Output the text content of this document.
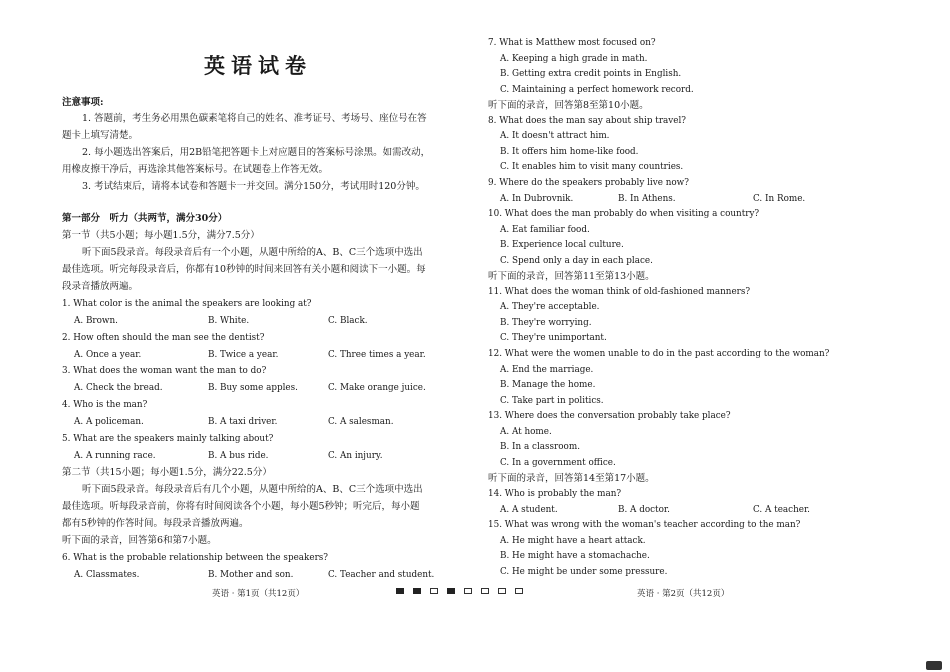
英语试卷
注意事项:
1. 答题前，考生务必用黑色碳素笔将自己的姓名、准考证号、考场号、座位号在答
题卡上填写清楚。
2. 每小题选出答案后，用2B铅笔把答题卡上对应题目的答案标号涂黑。如需改动，
用橡皮擦干净后，再选涂其他答案标号。在试题卷上作答无效。
3. 考试结束后，请将本试卷和答题卡一并交回。满分150分，考试用时120分钟。
第一部分　听力（共两节，满分30分）
第一节（共5小题；每小题1.5分，满分7.5分）
听下面5段录音。每段录音后有一个小题，从题中所给的A、B、C三个选项中选出
最佳选项。听完每段录音后，你都有10秒钟的时间来回答有关小题和阅读下一小题。每
段录音播放两遍。
1. What color is the animal the speakers are looking at?
A. Brown.	B. White.	C. Black.
2. How often should the man see the dentist?
A. Once a year.	B. Twice a year.	C. Three times a year.
3. What does the woman want the man to do?
A. Check the bread.	B. Buy some apples.	C. Make orange juice.
4. Who is the man?
A. A policeman.	B. A taxi driver.	C. A salesman.
5. What are the speakers mainly talking about?
A. A running race.	B. A bus ride.	C. An injury.
第二节（共15小题；每小题1.5分，满分22.5分）
听下面5段录音。每段录音后有几个小题，从题中所给的A、B、C三个选项中选出
最佳选项。听每段录音前，你将有时间阅读各个小题，每小题5秒钟；听完后，每小题
都有5秒钟的作答时间。每段录音播放两遍。
听下面的录音，回答第6和第7小题。
6. What is the probable relationship between the speakers?
A. Classmates.	B. Mother and son.	C. Teacher and student.
英语 · 第1页（共12页）
7. What is Matthew most focused on?
A. Keeping a high grade in math.
B. Getting extra credit points in English.
C. Maintaining a perfect homework record.
听下面的录音，回答第8至第10小题。
8. What does the man say about ship travel?
A. It doesn't attract him.
B. It offers him home-like food.
C. It enables him to visit many countries.
9. Where do the speakers probably live now?
A. In Dubrovnik.	B. In Athens.	C. In Rome.
10. What does the man probably do when visiting a country?
A. Eat familiar food.
B. Experience local culture.
C. Spend only a day in each place.
听下面的录音，回答第11至第13小题。
11. What does the woman think of old-fashioned manners?
A. They're acceptable.
B. They're worrying.
C. They're unimportant.
12. What were the women unable to do in the past according to the woman?
A. End the marriage.
B. Manage the home.
C. Take part in politics.
13. Where does the conversation probably take place?
A. At home.
B. In a classroom.
C. In a government office.
听下面的录音，回答第14至第17小题。
14. Who is probably the man?
A. A student.	B. A doctor.	C. A teacher.
15. What was wrong with the woman's teacher according to the man?
A. He might have a heart attack.
B. He might have a stomachache.
C. He might be under some pressure.
英语 · 第2页（共12页）
